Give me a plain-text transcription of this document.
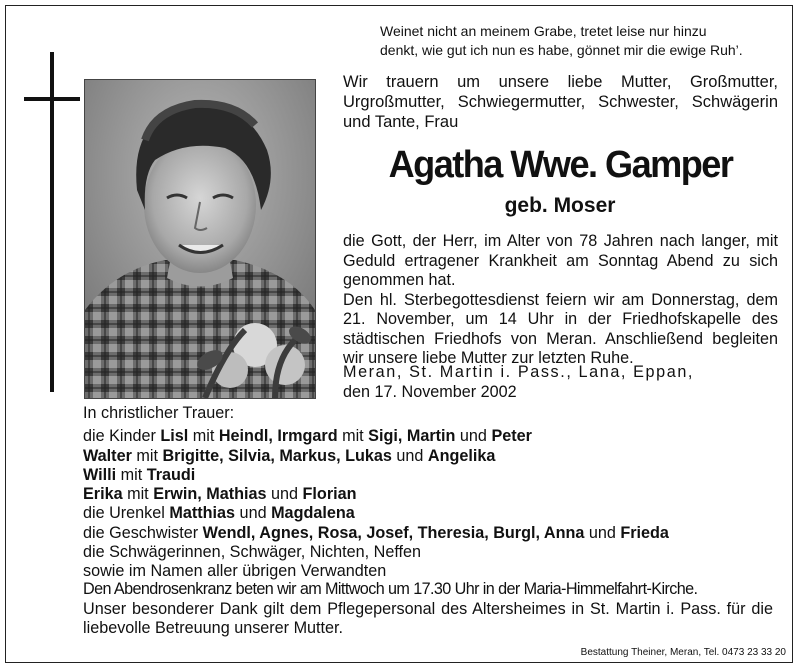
Weinet nicht an meinem Grabe, tretet leise nur hinzu
denkt, wie gut ich nun es habe, gönnet mir die ewige Ruh’.
Wir trauern um unsere liebe Mutter, Großmutter, Urgroßmutter, Schwiegermutter, Schwester, Schwägerin und Tante, Frau
Agatha Wwe. Gamper
geb. Moser

die Gott, der Herr, im Alter von 78 Jahren nach langer, mit Geduld ertragener Krankheit am Sonntag Abend zu sich genommen hat.

Den hl. Sterbegottesdienst feiern wir am Donnerstag, dem 21. November, um 14 Uhr in der Friedhofskapelle des städtischen Friedhofs von Meran. Anschließend begleiten wir unsere liebe Mutter zur letzten Ruhe.

Meran, St. Martin i. Pass., Lana, Eppan,
den 17. November 2002
In christlicher Trauer:
die Kinder Lisl mit Heindl, Irmgard mit Sigi, Martin und Peter
Walter mit Brigitte, Silvia, Markus, Lukas und Angelika
Willi mit Traudi
Erika mit Erwin, Mathias und Florian
die Urenkel Matthias und Magdalena
die Geschwister Wendl, Agnes, Rosa, Josef, Theresia, Burgl, Anna und Frieda
die Schwägerinnen, Schwäger, Nichten, Neffen
sowie im Namen aller übrigen Verwandten

Den Abendrosenkranz beten wir am Mittwoch um 17.30 Uhr in der Maria-Himmelfahrt-Kirche.

Unser besonderer Dank gilt dem Pflegepersonal des Altersheimes in St. Martin i. Pass. für die liebevolle Betreuung unserer Mutter.

Bestattung Theiner, Meran, Tel. 0473 23 33 20
